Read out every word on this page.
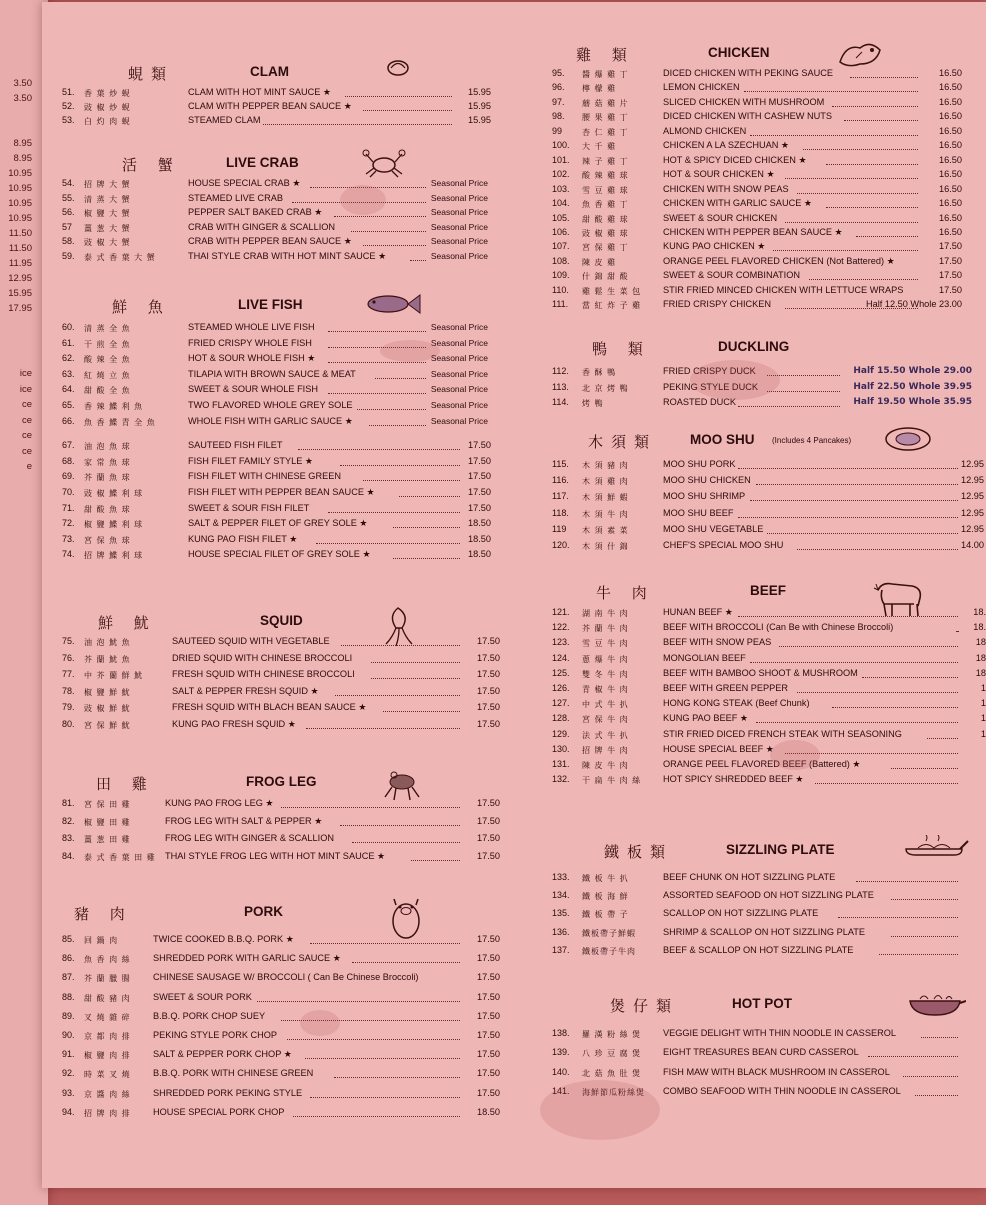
3.50
3.50
8.95
8.95
10.95
10.95
10.95
10.95
11.50
11.50
11.95
12.95
15.95
17.95
ice
ice
ce
ce
ce
ce
e
蜆類	CLAM
51. 香 葉 炒 蜆	CLAM WITH HOT MINT SAUCE ★	15.95
52. 豉 椒 炒 蜆	CLAM WITH PEPPER BEAN SAUCE ★	15.95
53. 白 灼 肉 蜆	STEAMED CLAM	15.95
活 蟹	LIVE CRAB
54. 招 牌 大 蟹	HOUSE SPECIAL CRAB ★	Seasonal Price
55. 清 蒸 大 蟹	STEAMED LIVE CRAB	Seasonal Price
56. 椒 鹽 大 蟹	PEPPER SALT BAKED CRAB ★	Seasonal Price
57 薑 葱 大 蟹	CRAB WITH GINGER & SCALLION	Seasonal Price
58. 豉 椒 大 蟹	CRAB WITH PEPPER BEAN SAUCE ★	Seasonal Price
59. 泰 式 香 葉 大 蟹	THAI STYLE CRAB WITH HOT MINT SAUCE ★	Seasonal Price
鮮 魚	LIVE FISH
60. 清 蒸 全 魚	STEAMED WHOLE LIVE FISH	Seasonal Price
61. 干 煎 全 魚	FRIED CRISPY WHOLE FISH	Seasonal Price
62. 酸 辣 全 魚	HOT & SOUR WHOLE FISH ★	Seasonal Price
63. 紅 燒 立 魚	TILAPIA WITH BROWN SAUCE & MEAT	Seasonal Price
64. 甜 酸 全 魚	SWEET & SOUR WHOLE FISH	Seasonal Price
65. 香 辣 鰈 利 魚	TWO FLAVORED WHOLE GREY SOLE	Seasonal Price
66. 魚 香 鰈 青 全 魚	WHOLE FISH WITH GARLIC SAUCE ★	Seasonal Price
67. 油 泡 魚 球	SAUTEED FISH FILET	17.50
68. 家 常 魚 球	FISH FILET FAMILY STYLE ★	17.50
69. 芥 蘭 魚 球	FISH FILET WITH CHINESE GREEN	17.50
70. 豉 椒 鰈 利 球	FISH FILET WITH PEPPER BEAN SAUCE ★	17.50
71. 甜 酸 魚 球	SWEET & SOUR FISH FILET	17.50
72. 椒 鹽 鰈 利 球	SALT & PEPPER FILET OF GREY SOLE ★	18.50
73. 宮 保 魚 球	KUNG PAO FISH FILET ★	18.50
74. 招 牌 鰈 利 球	HOUSE SPECIAL FILET OF GREY SOLE ★	18.50
鮮 魷	SQUID
75. 油 泡 魷 魚	SAUTEED SQUID WITH VEGETABLE	17.50
76. 芥 蘭 魷 魚	DRIED SQUID WITH CHINESE BROCCOLI	17.50
77. 中 芥 蘭 鮮 魷	FRESH SQUID WITH CHINESE BROCCOLI	17.50
78. 椒 鹽 鮮 魷	SALT & PEPPER FRESH SQUID ★	17.50
79. 豉 椒 鮮 魷	FRESH SQUID WITH BLACH BEAN SAUCE ★	17.50
80. 宮 保 鮮 魷	KUNG PAO FRESH SQUID ★	17.50
田 雞	FROG LEG
81. 宮 保 田 雞	KUNG PAO FROG LEG ★	17.50
82. 椒 鹽 田 雞	FROG LEG WITH SALT & PEPPER ★	17.50
83. 薑 葱 田 雞	FROG LEG WITH GINGER & SCALLION	17.50
84. 泰 式 香 葉 田 雞 THAI STYLE FROG LEG WITH HOT MINT SAUCE ★	17.50
豬 肉	PORK
85. 回 鍋 肉	TWICE COOKED B.B.Q. PORK ★	17.50
86. 魚 香 肉 絲 SHREDDED PORK WITH GARLIC SAUCE ★	17.50
87. 芥 蘭 臘 腸 CHINESE SAUSAGE W/ BROCCOLI ( Can Be Chinese Broccoli)	17.50
88. 甜 酸 豬 肉 SWEET & SOUR PORK	17.50
89. 叉 燒 雜 碎 B.B.Q. PORK CHOP SUEY	17.50
90. 京 都 肉 排 PEKING STYLE PORK CHOP	17.50
91. 椒 鹽 肉 排 SALT & PEPPER PORK CHOP ★	17.50
92. 時 菜 叉 燒 B.B.Q. PORK WITH CHINESE GREEN	17.50
93. 京 醬 肉 絲 SHREDDED PORK PEKING STYLE	17.50
94. 招 牌 肉 排 HOUSE SPECIAL PORK CHOP	18.50
雞 類	CHICKEN
95. 醬 爆 雞 丁	DICED CHICKEN WITH PEKING SAUCE	16.50
96. 檸 檬 雞	LEMON CHICKEN	16.50
97. 蘑 菇 雞 片	SLICED CHICKEN WITH MUSHROOM	16.50
98. 腰 果 雞 丁	DICED CHICKEN WITH CASHEW NUTS	16.50
99 杏 仁 雞 丁	ALMOND CHICKEN	16.50
100. 大 千 雞	CHICKEN A LA SZECHUAN ★	16.50
101. 辣 子 雞 丁	HOT & SPICY DICED CHICKEN ★	16.50
102. 酸 辣 雞 球	HOT & SOUR CHICKEN ★	16.50
103. 雪 豆 雞 球	CHICKEN WITH SNOW PEAS	16.50
104. 魚 香 雞 丁	CHICKEN WITH GARLIC SAUCE ★	16.50
105. 甜 酸 雞 球	SWEET & SOUR CHICKEN	16.50
106. 豉 椒 雞 球	CHICKEN WITH PEPPER BEAN SAUCE ★	16.50
107. 宮 保 雞 丁	KUNG PAO CHICKEN ★	17.50
108. 陳 皮 雞	ORANGE PEEL FLAVORED CHICKEN (Not Battered) ★	17.50
109. 什 錦 甜 酸	SWEET & SOUR COMBINATION	17.50
110. 雞 鬆 生 菜 包 STIR FRIED MINCED CHICKEN WITH LETTUCE WRAPS	17.50
111. 當 紅 炸 子 雞 FRIED CRISPY CHICKEN	Half 12.50 Whole 23.00
鴨 類	DUCKLING
112. 香 酥 鴨	FRIED CRISPY DUCK	Half 15.50 Whole 29.00
113. 北 京 烤 鴨	PEKING STYLE DUCK	Half 22.50 Whole 39.95
114. 烤 鴨	ROASTED DUCK	Half 19.50 Whole 35.95
木須類 MOO SHU (Includes 4 Pancakes)
115. 木 須 豬 肉	MOO SHU PORK	12.95
116. 木 須 雞 肉	MOO SHU CHICKEN	12.95
117. 木 須 鮮 蝦	MOO SHU SHRIMP	12.95
118. 木 須 牛 肉	MOO SHU BEEF	12.95
119 木 須 素 菜	MOO SHU VEGETABLE	12.95
120. 木 須 什 錦	CHEF'S SPECIAL MOO SHU	14.00
牛 肉	BEEF
121. 湖 南 牛 肉	HUNAN BEEF ★	18.
122. 芥 蘭 牛 肉	BEEF WITH BROCCOLI (Can Be with Chinese Broccoli)	18.
123. 雪 豆 牛 肉	BEEF WITH SNOW PEAS	18
124. 蔥 爆 牛 肉	MONGOLIAN BEEF	18
125. 雙 冬 牛 肉	BEEF WITH BAMBOO SHOOT & MUSHROOM	18
126. 青 椒 牛 肉	BEEF WITH GREEN PEPPER	1
127. 中 式 牛 扒	HONG KONG STEAK (Beef Chunk)	1
128. 宮 保 牛 肉	KUNG PAO BEEF ★	1
129. 法 式 牛 扒	STIR FRIED DICED FRENCH STEAK WITH SEASONING	1
130. 招 牌 牛 肉	HOUSE SPECIAL BEEF ★
131. 陳 皮 牛 肉	ORANGE PEEL FLAVORED BEEF (Battered) ★
132. 干 扁 牛 肉 絲 HOT SPICY SHREDDED BEEF ★
鐵板類	SIZZLING PLATE
133. 鐵 板 牛 扒	BEEF CHUNK ON HOT SIZZLING PLATE
134. 鐵 板 海 鮮	ASSORTED SEAFOOD ON HOT SIZZLING PLATE
135. 鐵 板 帶 子	SCALLOP ON HOT SIZZLING PLATE
136. 鐵板帶子鮮蝦	SHRIMP & SCALLOP ON HOT SIZZLING PLATE
137. 鐵板帶子牛肉	BEEF & SCALLOP ON HOT SIZZLING PLATE
煲仔類	HOT POT
138. 羅 漢 粉 絲 煲 VEGGIE DELIGHT WITH THIN NOODLE IN CASSEROL
139. 八 珍 豆 腐 煲 EIGHT TREASURES BEAN CURD CASSEROL
140. 北 菇 魚 肚 煲 FISH MAW WITH BLACK MUSHROOM IN CASSEROL
141. 海鮮節瓜粉絲煲 COMBO SEAFOOD WITH THIN NOODLE IN CASSEROL
